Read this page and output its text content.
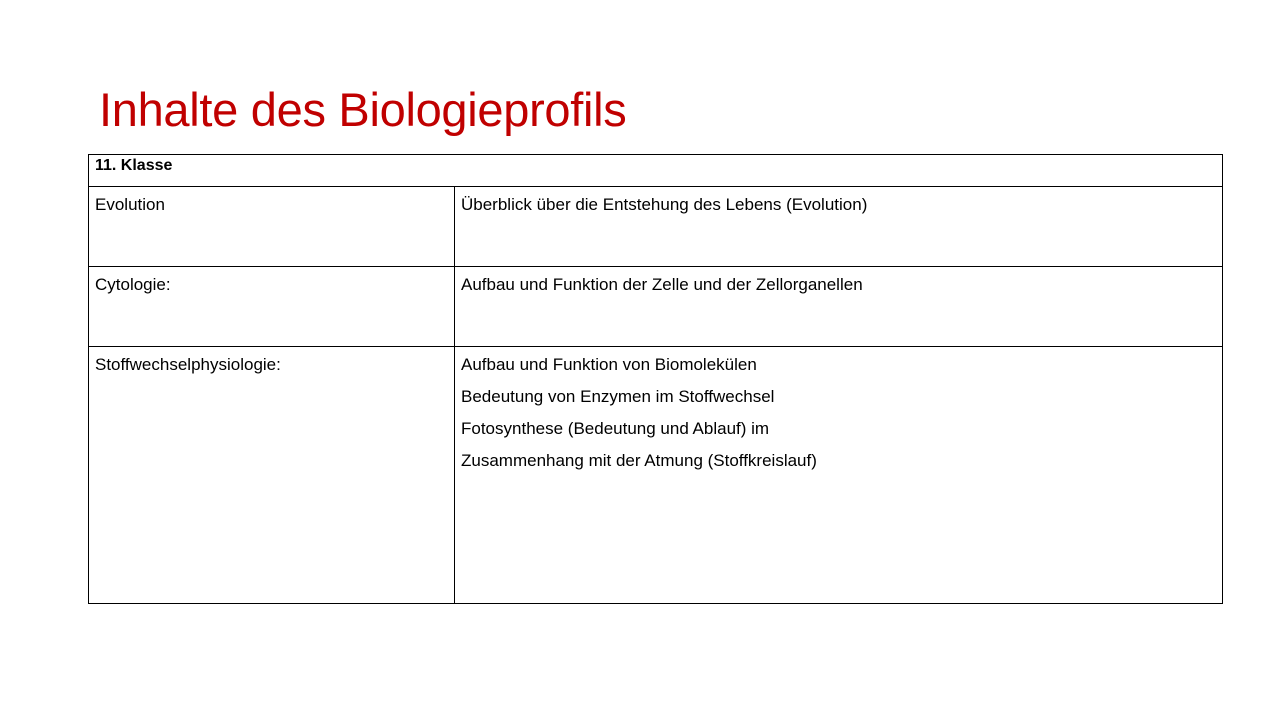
Inhalte des Biologieprofils
11. Klasse	

Evolution	Überblick über die Entstehung des Lebens (Evolution)

Cytologie:	Aufbau und Funktion der Zelle und der Zellorganellen

Stoffwechselphysiologie:	Aufbau und Funktion von Biomolekülen
Bedeutung von Enzymen im Stoffwechsel
Fotosynthese (Bedeutung und Ablauf) im
Zusammenhang mit der Atmung (Stoffkreislauf)
